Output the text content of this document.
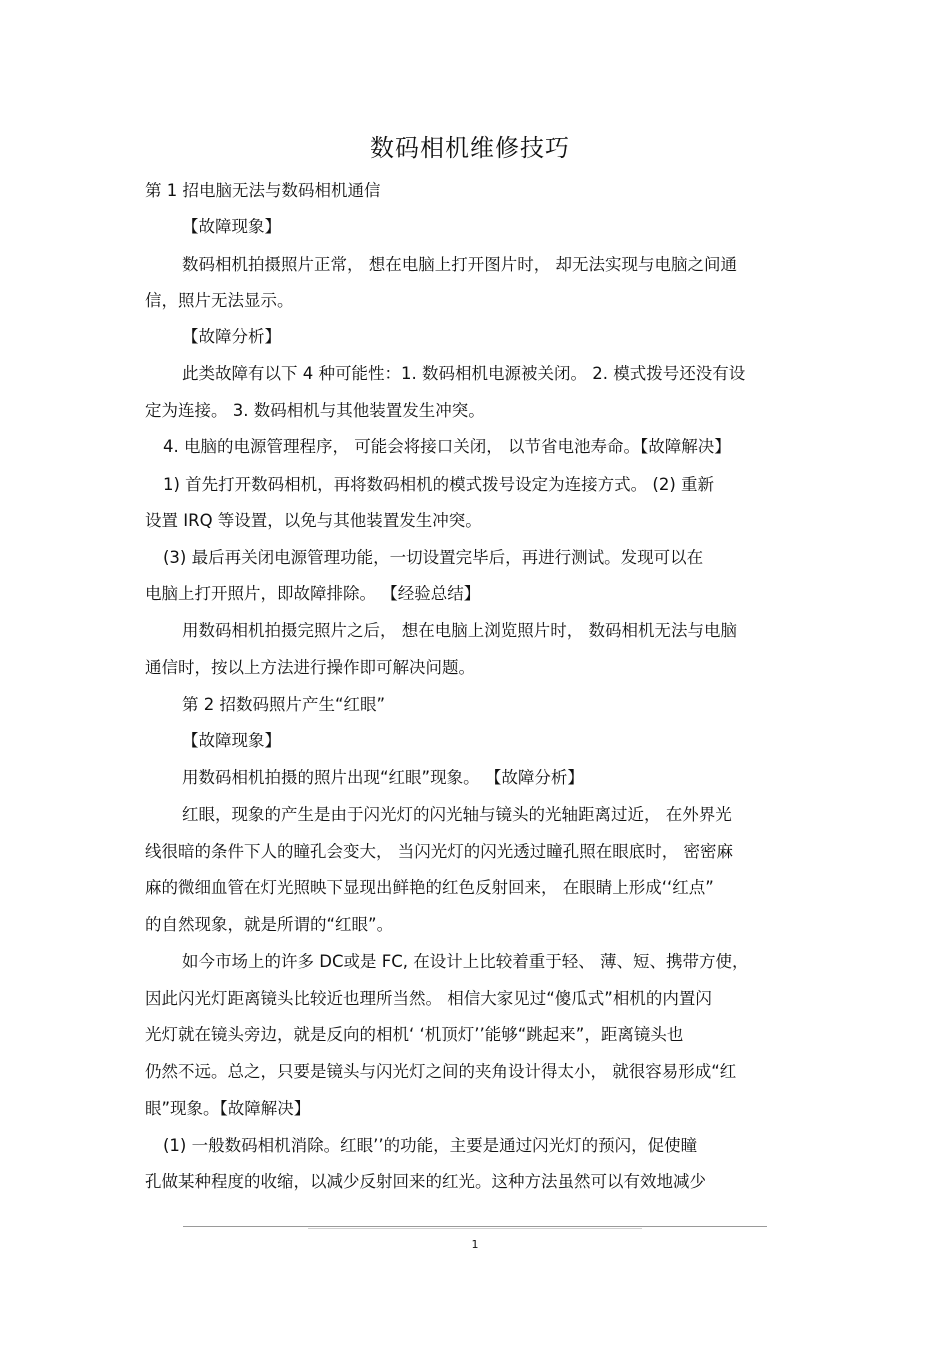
数码相机维修技巧
第 1 招电脑无法与数码相机通信
【故障现象】
数码相机拍摄照片正常， 想在电脑上打开图片时， 却无法实现与电脑之间通
信，照片无法显示。
【故障分析】
此类故障有以下 4 种可能性：1. 数码相机电源被关闭。 2. 模式拨号还没有设
定为连接。 3. 数码相机与其他装置发生冲突。
4. 电脑的电源管理程序， 可能会将接口关闭， 以节省电池寿命。【故障解决】
1) 首先打开数码相机，再将数码相机的模式拨号设定为连接方式。 (2) 重新
设置 IRQ 等设置，以免与其他装置发生冲突。
(3) 最后再关闭电源管理功能，一切设置完毕后，再进行测试。发现可以在
电脑上打开照片，即故障排除。 【经验总结】
用数码相机拍摄完照片之后， 想在电脑上浏览照片时， 数码相机无法与电脑
通信时，按以上方法进行操作即可解决问题。
第 2 招数码照片产生“红眼”
【故障现象】
用数码相机拍摄的照片出现“红眼”现象。 【故障分析】
红眼，现象的产生是由于闪光灯的闪光轴与镜头的光轴距离过近， 在外界光
线很暗的条件下人的瞳孔会变大， 当闪光灯的闪光透过瞳孔照在眼底时， 密密麻
麻的微细血管在灯光照映下显现出鲜艳的红色反射回来， 在眼睛上形成‘‘红点”
的自然现象，就是所谓的“红眼”。
如今市场上的许多 DC或是 FC, 在设计上比较着重于轻、 薄、短、携带方使，
因此闪光灯距离镜头比较近也理所当然。 相信大家见过“傻瓜式”相机的内置闪
光灯就在镜头旁边，就是反向的相机‘ ‘机顶灯’’能够“跳起来”，距离镜头也
仍然不远。总之，只要是镜头与闪光灯之间的夹角设计得太小， 就很容易形成“红
眼”现象。【故障解决】
(1) 一般数码相机消除。红眼’’的功能，主要是通过闪光灯的预闪，促使瞳
孔做某种程度的收缩，以减少反射回来的红光。这种方法虽然可以有效地减少
1
